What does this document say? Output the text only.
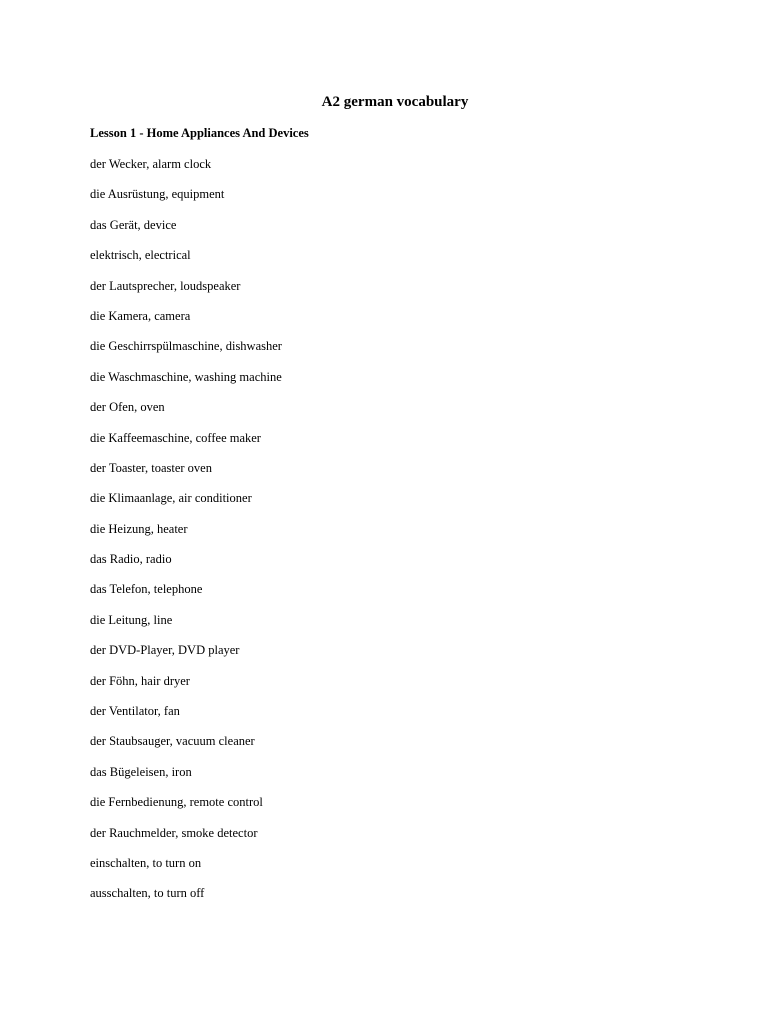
A2 german vocabulary
Lesson 1 - Home Appliances And Devices
der Wecker, alarm clock
die Ausrüstung, equipment
das Gerät, device
elektrisch, electrical
der Lautsprecher, loudspeaker
die Kamera, camera
die Geschirrspülmaschine, dishwasher
die Waschmaschine, washing machine
der Ofen, oven
die Kaffeemaschine, coffee maker
der Toaster, toaster oven
die Klimaanlage, air conditioner
die Heizung, heater
das Radio, radio
das Telefon, telephone
die Leitung, line
der DVD-Player, DVD player
der Föhn, hair dryer
der Ventilator, fan
der Staubsauger, vacuum cleaner
das Bügeleisen, iron
die Fernbedienung, remote control
der Rauchmelder, smoke detector
einschalten, to turn on
ausschalten, to turn off
